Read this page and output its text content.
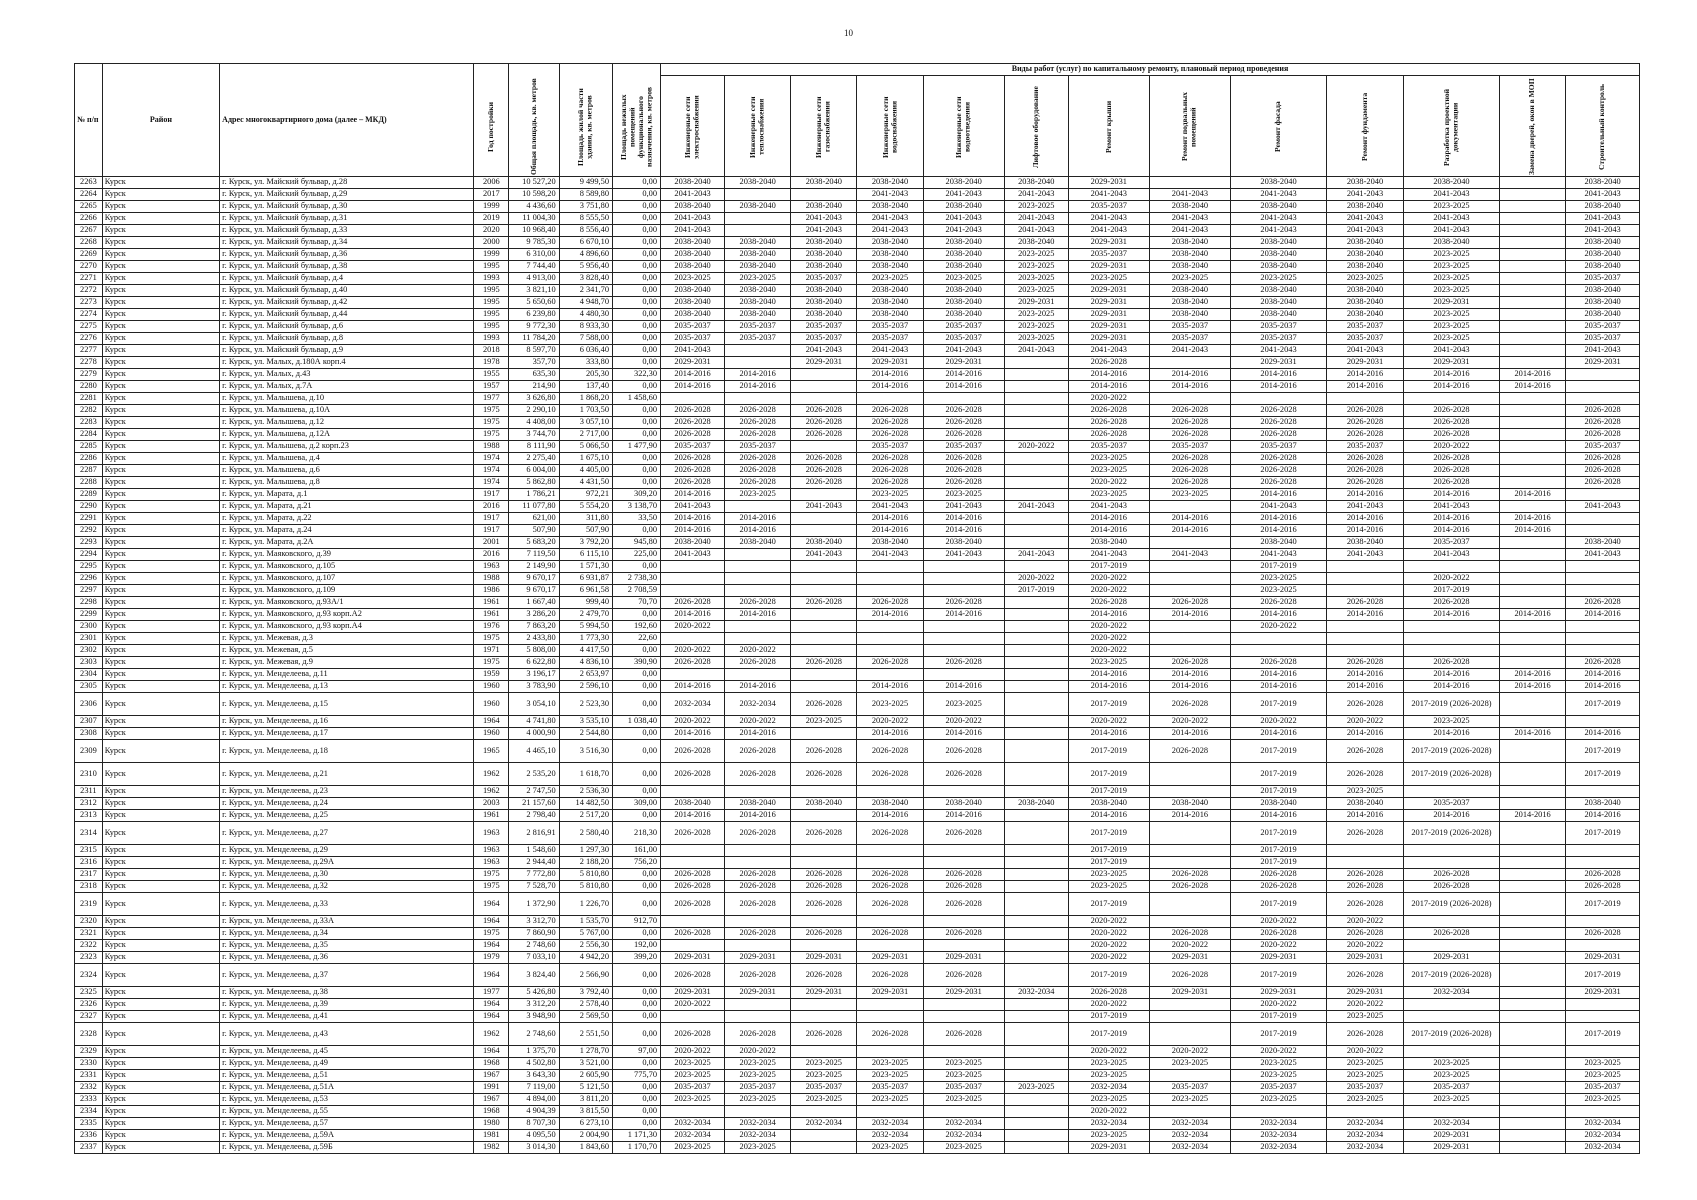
10
№ п/п	Район	Адрес многоквартирного дома (далее – МКД)	Год постройки	Общая площадь, кв. метров	Площадь жилой части здания, кв. метров	Площадь нежилых помещений функционального назначения, кв. метров	Виды работ (услуг) по капитальному ремонту, плановый период проведения												

							Инженерные сети электроснабжения	Инженерные сети теплоснабжения	Инженерные сети газоснабжения	Инженерные сети водоснабжения	Инженерные сети водоотведения	Лифтовое оборудование	Ремонт крыши	Ремонт подвальных помещений	Ремонт фасада	Ремонт фундамента	Разработка проектной документации	Замена дверей, окон в МОП	Строительный контроль

2263	Курск	г. Курск, ул. Майский бульвар, д.28	2006	10 527,20	9 499,50	0,00	2038-2040	2038-2040	2038-2040	2038-2040	2038-2040	2038-2040	2029-2031		2038-2040	2038-2040	2038-2040		2038-2040
2264	Курск	г. Курск, ул. Майский бульвар, д.29	2017	10 598,20	8 589,80	0,00	2041-2043			2041-2043	2041-2043	2041-2043	2041-2043	2041-2043	2041-2043	2041-2043	2041-2043		2041-2043
2265	Курск	г. Курск, ул. Майский бульвар, д.30	1999	4 436,60	3 751,80	0,00	2038-2040	2038-2040	2038-2040	2038-2040	2038-2040	2023-2025	2035-2037	2038-2040	2038-2040	2038-2040	2023-2025		2038-2040
2266	Курск	г. Курск, ул. Майский бульвар, д.31	2019	11 004,30	8 555,50	0,00	2041-2043		2041-2043	2041-2043	2041-2043	2041-2043	2041-2043	2041-2043	2041-2043	2041-2043	2041-2043		2041-2043
2267	Курск	г. Курск, ул. Майский бульвар, д.33	2020	10 968,40	8 556,40	0,00	2041-2043		2041-2043	2041-2043	2041-2043	2041-2043	2041-2043	2041-2043	2041-2043	2041-2043	2041-2043		2041-2043
2268	Курск	г. Курск, ул. Майский бульвар, д.34	2000	9 785,30	6 670,10	0,00	2038-2040	2038-2040	2038-2040	2038-2040	2038-2040	2038-2040	2029-2031	2038-2040	2038-2040	2038-2040	2038-2040		2038-2040
2269	Курск	г. Курск, ул. Майский бульвар, д.36	1999	6 310,00	4 896,60	0,00	2038-2040	2038-2040	2038-2040	2038-2040	2038-2040	2023-2025	2035-2037	2038-2040	2038-2040	2038-2040	2023-2025		2038-2040
2270	Курск	г. Курск, ул. Майский бульвар, д.38	1995	7 744,40	5 956,40	0,00	2038-2040	2038-2040	2038-2040	2038-2040	2038-2040	2023-2025	2029-2031	2038-2040	2038-2040	2038-2040	2023-2025		2038-2040
2271	Курск	г. Курск, ул. Майский бульвар, д.4	1993	4 913,00	3 828,40	0,00	2023-2025	2023-2025	2035-2037	2023-2025	2023-2025	2023-2025	2023-2025	2023-2025	2023-2025	2023-2025	2023-2025		2035-2037
2272	Курск	г. Курск, ул. Майский бульвар, д.40	1995	3 821,10	2 341,70	0,00	2038-2040	2038-2040	2038-2040	2038-2040	2038-2040	2023-2025	2029-2031	2038-2040	2038-2040	2038-2040	2023-2025		2038-2040
2273	Курск	г. Курск, ул. Майский бульвар, д.42	1995	5 650,60	4 948,70	0,00	2038-2040	2038-2040	2038-2040	2038-2040	2038-2040	2029-2031	2029-2031	2038-2040	2038-2040	2038-2040	2029-2031		2038-2040
2274	Курск	г. Курск, ул. Майский бульвар, д.44	1995	6 239,80	4 480,30	0,00	2038-2040	2038-2040	2038-2040	2038-2040	2038-2040	2023-2025	2029-2031	2038-2040	2038-2040	2038-2040	2023-2025		2038-2040
2275	Курск	г. Курск, ул. Майский бульвар, д.6	1995	9 772,30	8 933,30	0,00	2035-2037	2035-2037	2035-2037	2035-2037	2035-2037	2023-2025	2029-2031	2035-2037	2035-2037	2035-2037	2023-2025		2035-2037
2276	Курск	г. Курск, ул. Майский бульвар, д.8	1993	11 784,20	7 588,00	0,00	2035-2037	2035-2037	2035-2037	2035-2037	2035-2037	2023-2025	2029-2031	2035-2037	2035-2037	2035-2037	2023-2025		2035-2037
2277	Курск	г. Курск, ул. Майский бульвар, д.9	2018	8 597,70	6 036,40	0,00	2041-2043		2041-2043	2041-2043	2041-2043	2041-2043	2041-2043	2041-2043	2041-2043	2041-2043	2041-2043		2041-2043
2278	Курск	г. Курск, ул. Малых, д.180А корп.4	1978	357,70	333,80	0,00	2029-2031		2029-2031	2029-2031	2029-2031		2026-2028		2029-2031	2029-2031	2029-2031		2029-2031
2279	Курск	г. Курск, ул. Малых, д.43	1955	635,30	205,30	322,30	2014-2016	2014-2016		2014-2016	2014-2016		2014-2016	2014-2016	2014-2016	2014-2016	2014-2016	2014-2016	
2280	Курск	г. Курск, ул. Малых, д.7А	1957	214,90	137,40	0,00	2014-2016	2014-2016		2014-2016	2014-2016		2014-2016	2014-2016	2014-2016	2014-2016	2014-2016	2014-2016	
2281	Курск	г. Курск, ул. Малышева, д.10	1977	3 626,80	1 868,20	1 458,60							2020-2022						
2282	Курск	г. Курск, ул. Малышева, д.10А	1975	2 290,10	1 703,50	0,00	2026-2028	2026-2028	2026-2028	2026-2028	2026-2028		2026-2028	2026-2028	2026-2028	2026-2028	2026-2028		2026-2028
2283	Курск	г. Курск, ул. Малышева, д.12	1975	4 408,00	3 057,10	0,00	2026-2028	2026-2028	2026-2028	2026-2028	2026-2028		2026-2028	2026-2028	2026-2028	2026-2028	2026-2028		2026-2028
2284	Курск	г. Курск, ул. Малышева, д.12А	1975	3 744,70	2 717,00	0,00	2026-2028	2026-2028	2026-2028	2026-2028	2026-2028		2026-2028	2026-2028	2026-2028	2026-2028	2026-2028		2026-2028
2285	Курск	г. Курск, ул. Малышева, д.2 корп.23	1988	8 111,90	5 066,50	1 477,90	2035-2037	2035-2037		2035-2037	2035-2037	2020-2022	2035-2037	2035-2037	2035-2037	2035-2037	2020-2022		2035-2037
2286	Курск	г. Курск, ул. Малышева, д.4	1974	2 275,40	1 675,10	0,00	2026-2028	2026-2028	2026-2028	2026-2028	2026-2028		2023-2025	2026-2028	2026-2028	2026-2028	2026-2028		2026-2028
2287	Курск	г. Курск, ул. Малышева, д.6	1974	6 004,00	4 405,00	0,00	2026-2028	2026-2028	2026-2028	2026-2028	2026-2028		2023-2025	2026-2028	2026-2028	2026-2028	2026-2028		2026-2028
2288	Курск	г. Курск, ул. Малышева, д.8	1974	5 862,80	4 431,50	0,00	2026-2028	2026-2028	2026-2028	2026-2028	2026-2028		2020-2022	2026-2028	2026-2028	2026-2028	2026-2028		2026-2028
2289	Курск	г. Курск, ул. Марата, д.1	1917	1 786,21	972,21	309,20	2014-2016	2023-2025		2023-2025	2023-2025		2023-2025	2023-2025	2014-2016	2014-2016	2014-2016	2014-2016	
2290	Курск	г. Курск, ул. Марата, д.21	2016	11 077,80	5 554,20	3 138,70	2041-2043		2041-2043	2041-2043	2041-2043	2041-2043	2041-2043		2041-2043	2041-2043	2041-2043		2041-2043
2291	Курск	г. Курск, ул. Марата, д.22	1917	621,00	311,80	33,50	2014-2016	2014-2016		2014-2016	2014-2016		2014-2016	2014-2016	2014-2016	2014-2016	2014-2016	2014-2016	
2292	Курск	г. Курск, ул. Марата, д.24	1917	507,90	507,90	0,00	2014-2016	2014-2016		2014-2016	2014-2016		2014-2016	2014-2016	2014-2016	2014-2016	2014-2016	2014-2016	
2293	Курск	г. Курск, ул. Марата, д.2А	2001	5 683,20	3 792,20	945,80	2038-2040	2038-2040	2038-2040	2038-2040	2038-2040		2038-2040		2038-2040	2038-2040	2035-2037		2038-2040
2294	Курск	г. Курск, ул. Маяковского, д.39	2016	7 119,50	6 115,10	225,00	2041-2043		2041-2043	2041-2043	2041-2043	2041-2043	2041-2043	2041-2043	2041-2043	2041-2043	2041-2043		2041-2043
2295	Курск	г. Курск, ул. Маяковского, д.105	1963	2 149,90	1 571,30	0,00							2017-2019		2017-2019				
2296	Курск	г. Курск, ул. Маяковского, д.107	1988	9 670,17	6 931,87	2 738,30						2020-2022	2020-2022		2023-2025		2020-2022		
2297	Курск	г. Курск, ул. Маяковского, д.109	1986	9 670,17	6 961,58	2 708,59						2017-2019	2020-2022		2023-2025		2017-2019		
2298	Курск	г. Курск, ул. Маяковского, д.93А/1	1961	1 667,40	999,40	70,70	2026-2028	2026-2028	2026-2028	2026-2028	2026-2028		2026-2028	2026-2028	2026-2028	2026-2028	2026-2028		2026-2028
2299	Курск	г. Курск, ул. Маяковского, д.93 корп.А2	1961	3 286,20	2 479,70	0,00	2014-2016	2014-2016		2014-2016	2014-2016		2014-2016	2014-2016	2014-2016	2014-2016	2014-2016	2014-2016	2014-2016
2300	Курск	г. Курск, ул. Маяковского, д.93 корп.А4	1976	7 863,20	5 994,50	192,60	2020-2022						2020-2022		2020-2022				
2301	Курск	г. Курск, ул. Межевая, д.3	1975	2 433,80	1 773,30	22,60							2020-2022						
2302	Курск	г. Курск, ул. Межевая, д.5	1971	5 808,00	4 417,50	0,00	2020-2022	2020-2022					2020-2022						
2303	Курск	г. Курск, ул. Межевая, д.9	1975	6 622,80	4 836,10	390,90	2026-2028	2026-2028	2026-2028	2026-2028	2026-2028		2023-2025	2026-2028	2026-2028	2026-2028	2026-2028		2026-2028
2304	Курск	г. Курск, ул. Менделеева, д.11	1959	3 196,17	2 653,97	0,00							2014-2016	2014-2016	2014-2016	2014-2016	2014-2016	2014-2016	2014-2016
2305	Курск	г. Курск, ул. Менделеева, д.13	1960	3 783,90	2 596,10	0,00	2014-2016	2014-2016		2014-2016	2014-2016		2014-2016	2014-2016	2014-2016	2014-2016	2014-2016	2014-2016	2014-2016
2306	Курск	г. Курск, ул. Менделеева, д.15	1960	3 054,10	2 523,30	0,00	2032-2034	2032-2034	2026-2028	2023-2025	2023-2025		2017-2019	2026-2028	2017-2019	2026-2028	2017-2019 (2026-2028)		2017-2019
2307	Курск	г. Курск, ул. Менделеева, д.16	1964	4 741,80	3 535,10	1 038,40	2020-2022	2020-2022	2023-2025	2020-2022	2020-2022		2020-2022	2020-2022	2020-2022	2020-2022	2023-2025		
2308	Курск	г. Курск, ул. Менделеева, д.17	1960	4 000,90	2 544,80	0,00	2014-2016	2014-2016		2014-2016	2014-2016		2014-2016	2014-2016	2014-2016	2014-2016	2014-2016	2014-2016	2014-2016
2309	Курск	г. Курск, ул. Менделеева, д.18	1965	4 465,10	3 516,30	0,00	2026-2028	2026-2028	2026-2028	2026-2028	2026-2028		2017-2019	2026-2028	2017-2019	2026-2028	2017-2019 (2026-2028)		2017-2019
2310	Курск	г. Курск, ул. Менделеева, д.21	1962	2 535,20	1 618,70	0,00	2026-2028	2026-2028	2026-2028	2026-2028	2026-2028		2017-2019		2017-2019	2026-2028	2017-2019 (2026-2028)		2017-2019
2311	Курск	г. Курск, ул. Менделеева, д.23	1962	2 747,50	2 536,30	0,00							2017-2019		2017-2019	2023-2025			
2312	Курск	г. Курск, ул. Менделеева, д.24	2003	21 157,60	14 482,50	309,00	2038-2040	2038-2040	2038-2040	2038-2040	2038-2040	2038-2040	2038-2040	2038-2040	2038-2040	2038-2040	2035-2037		2038-2040
2313	Курск	г. Курск, ул. Менделеева, д.25	1961	2 798,40	2 517,20	0,00	2014-2016	2014-2016		2014-2016	2014-2016		2014-2016	2014-2016	2014-2016	2014-2016	2014-2016	2014-2016	2014-2016
2314	Курск	г. Курск, ул. Менделеева, д.27	1963	2 816,91	2 580,40	218,30	2026-2028	2026-2028	2026-2028	2026-2028	2026-2028		2017-2019		2017-2019	2026-2028	2017-2019 (2026-2028)		2017-2019
2315	Курск	г. Курск, ул. Менделеева, д.29	1963	1 548,60	1 297,30	161,00							2017-2019		2017-2019				
2316	Курск	г. Курск, ул. Менделеева, д.29А	1963	2 944,40	2 188,20	756,20							2017-2019		2017-2019				
2317	Курск	г. Курск, ул. Менделеева, д.30	1975	7 772,80	5 810,80	0,00	2026-2028	2026-2028	2026-2028	2026-2028	2026-2028		2023-2025	2026-2028	2026-2028	2026-2028	2026-2028		2026-2028
2318	Курск	г. Курск, ул. Менделеева, д.32	1975	7 528,70	5 810,80	0,00	2026-2028	2026-2028	2026-2028	2026-2028	2026-2028		2023-2025	2026-2028	2026-2028	2026-2028	2026-2028		2026-2028
2319	Курск	г. Курск, ул. Менделеева, д.33	1964	1 372,90	1 226,70	0,00	2026-2028	2026-2028	2026-2028	2026-2028	2026-2028		2017-2019		2017-2019	2026-2028	2017-2019 (2026-2028)		2017-2019
2320	Курск	г. Курск, ул. Менделеева, д.33А	1964	3 312,70	1 535,70	912,70							2020-2022		2020-2022	2020-2022			
2321	Курск	г. Курск, ул. Менделеева, д.34	1975	7 860,90	5 767,00	0,00	2026-2028	2026-2028	2026-2028	2026-2028	2026-2028		2020-2022	2026-2028	2026-2028	2026-2028	2026-2028		2026-2028
2322	Курск	г. Курск, ул. Менделеева, д.35	1964	2 748,60	2 556,30	192,00							2020-2022	2020-2022	2020-2022	2020-2022			
2323	Курск	г. Курск, ул. Менделеева, д.36	1979	7 033,10	4 942,20	399,20	2029-2031	2029-2031	2029-2031	2029-2031	2029-2031		2020-2022	2029-2031	2029-2031	2029-2031	2029-2031		2029-2031
2324	Курск	г. Курск, ул. Менделеева, д.37	1964	3 824,40	2 566,90	0,00	2026-2028	2026-2028	2026-2028	2026-2028	2026-2028		2017-2019	2026-2028	2017-2019	2026-2028	2017-2019 (2026-2028)		2017-2019
2325	Курск	г. Курск, ул. Менделеева, д.38	1977	5 426,80	3 792,40	0,00	2029-2031	2029-2031	2029-2031	2029-2031	2029-2031	2032-2034	2026-2028	2029-2031	2029-2031	2029-2031	2032-2034		2029-2031
2326	Курск	г. Курск, ул. Менделеева, д.39	1964	3 312,20	2 578,40	0,00	2020-2022						2020-2022		2020-2022	2020-2022			
2327	Курск	г. Курск, ул. Менделеева, д.41	1964	3 948,90	2 569,50	0,00							2017-2019		2017-2019	2023-2025			
2328	Курск	г. Курск, ул. Менделеева, д.43	1962	2 748,60	2 551,50	0,00	2026-2028	2026-2028	2026-2028	2026-2028	2026-2028		2017-2019		2017-2019	2026-2028	2017-2019 (2026-2028)		2017-2019
2329	Курск	г. Курск, ул. Менделеева, д.45	1964	1 375,70	1 278,70	97,00	2020-2022	2020-2022					2020-2022	2020-2022	2020-2022	2020-2022			
2330	Курск	г. Курск, ул. Менделеева, д.49	1968	4 502,80	3 521,00	0,00	2023-2025	2023-2025	2023-2025	2023-2025	2023-2025		2023-2025	2023-2025	2023-2025	2023-2025	2023-2025		2023-2025
2331	Курск	г. Курск, ул. Менделеева, д.51	1967	3 643,30	2 605,90	775,70	2023-2025	2023-2025	2023-2025	2023-2025	2023-2025		2023-2025		2023-2025	2023-2025	2023-2025		2023-2025
2332	Курск	г. Курск, ул. Менделеева, д.51А	1991	7 119,00	5 121,50	0,00	2035-2037	2035-2037	2035-2037	2035-2037	2035-2037	2023-2025	2032-2034	2035-2037	2035-2037	2035-2037	2035-2037		2035-2037
2333	Курск	г. Курск, ул. Менделеева, д.53	1967	4 894,00	3 811,20	0,00	2023-2025	2023-2025	2023-2025	2023-2025	2023-2025		2023-2025	2023-2025	2023-2025	2023-2025	2023-2025		2023-2025
2334	Курск	г. Курск, ул. Менделеева, д.55	1968	4 904,39	3 815,50	0,00							2020-2022						
2335	Курск	г. Курск, ул. Менделеева, д.57	1980	8 707,30	6 273,10	0,00	2032-2034	2032-2034	2032-2034	2032-2034	2032-2034		2032-2034	2032-2034	2032-2034	2032-2034	2032-2034		2032-2034
2336	Курск	г. Курск, ул. Менделеева, д.59А	1981	4 095,50	2 004,90	1 171,30	2032-2034	2032-2034		2032-2034	2032-2034		2023-2025	2032-2034	2032-2034	2032-2034	2029-2031		2032-2034
2337	Курск	г. Курск, ул. Менделеева, д.59Б	1982	3 014,30	1 843,60	1 170,70	2023-2025	2023-2025		2023-2025	2023-2025		2029-2031	2032-2034	2032-2034	2032-2034	2029-2031		2032-2034
